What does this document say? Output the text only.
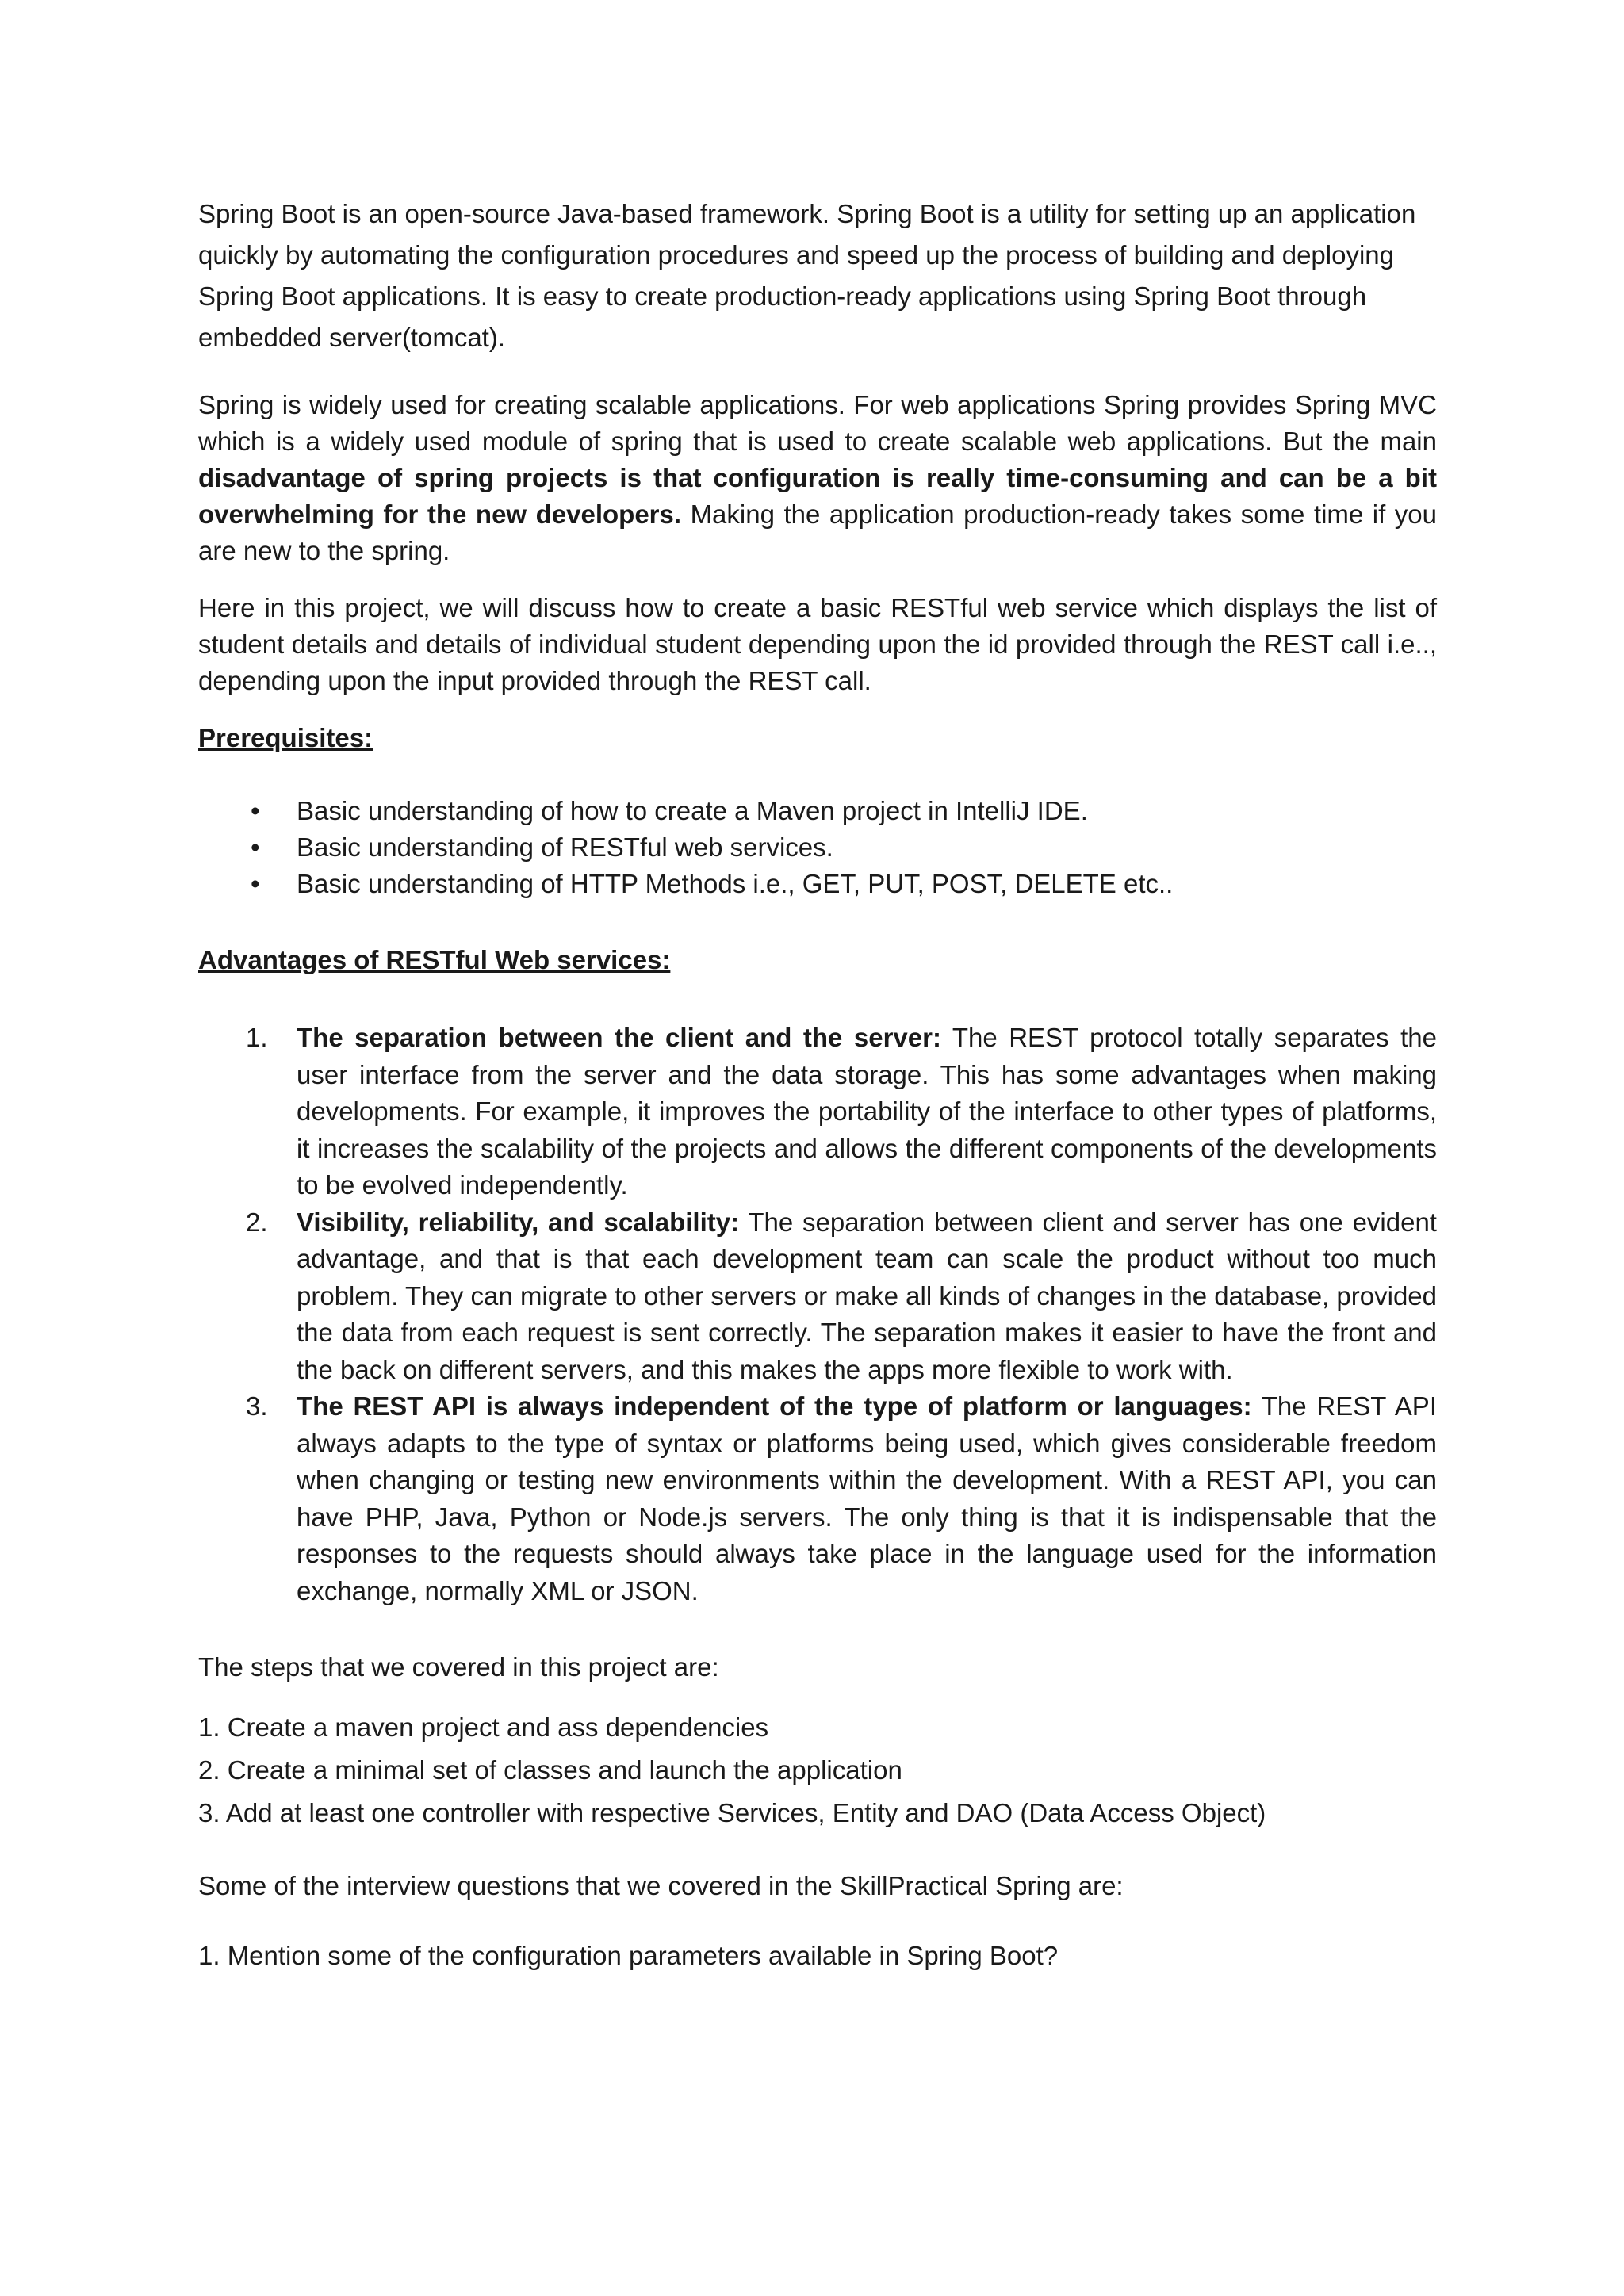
Spring Boot is an open-source Java-based framework. Spring Boot is a utility for setting up an application quickly by automating the configuration procedures and speed up the process of building and deploying Spring Boot applications. It is easy to create production-ready applications using Spring Boot through embedded server(tomcat).

Spring is widely used for creating scalable applications. For web applications Spring provides Spring MVC which is a widely used module of spring that is used to create scalable web applications. But the main disadvantage of spring projects is that configuration is really time-consuming and can be a bit overwhelming for the new developers. Making the application production-ready takes some time if you are new to the spring.

Here in this project, we will discuss how to create a basic RESTful web service which displays the list of student details and details of individual student depending upon the id provided through the REST call i.e.., depending upon the input provided through the REST call.

Prerequisites:

• Basic understanding of how to create a Maven project in IntelliJ IDE.
• Basic understanding of RESTful web services.
• Basic understanding of HTTP Methods i.e., GET, PUT, POST, DELETE etc..

Advantages of RESTful Web services:

1. The separation between the client and the server: The REST protocol totally separates the user interface from the server and the data storage. This has some advantages when making developments. For example, it improves the portability of the interface to other types of platforms, it increases the scalability of the projects and allows the different components of the developments to be evolved independently.
2. Visibility, reliability, and scalability: The separation between client and server has one evident advantage, and that is that each development team can scale the product without too much problem. They can migrate to other servers or make all kinds of changes in the database, provided the data from each request is sent correctly. The separation makes it easier to have the front and the back on different servers, and this makes the apps more flexible to work with.
3. The REST API is always independent of the type of platform or languages: The REST API always adapts to the type of syntax or platforms being used, which gives considerable freedom when changing or testing new environments within the development. With a REST API, you can have PHP, Java, Python or Node.js servers. The only thing is that it is indispensable that the responses to the requests should always take place in the language used for the information exchange, normally XML or JSON.

The steps that we covered in this project are:

1. Create a maven project and ass dependencies

2. Create a minimal set of classes and launch the application

3. Add at least one controller with respective Services, Entity and DAO (Data Access Object)

Some of the interview questions that we covered in the SkillPractical Spring are:

1. Mention some of the configuration parameters available in Spring Boot?
